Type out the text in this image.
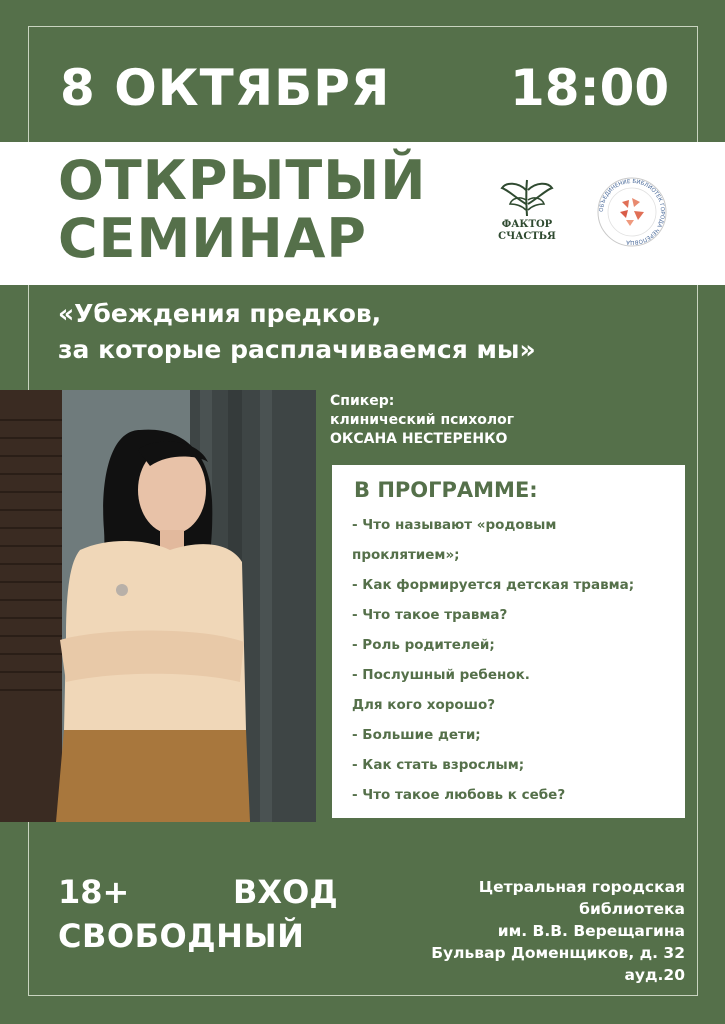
8 ОКТЯБРЯ 18:00
ОТКРЫТЫЙ
СЕМИНАР	ФАКТОР
СЧАСТЬЯ
ОБЪЕДИНЕНИЕ БИБЛИОТЕК ГОРОДА ЧЕРЕПОВЦА
«Убеждения предков,
за которые расплачиваемся мы»
Спикер:
клинический психолог
ОКСАНА НЕСТЕРЕНКО
В ПРОГРАММЕ:
- Что называют «родовым
проклятием»;
- Как формируется детская травма;
- Что такое травма?
- Роль родителей;
- Послушный ребенок.
Для кого хорошо?
- Большие дети;
- Как стать взрослым;
- Что такое любовь к себе?
18+	ВХОД
СВОБОДНЫЙ
Цетральная городская
библиотека
им. В.В. Верещагина
Бульвар Доменщиков, д. 32
ауд.20
